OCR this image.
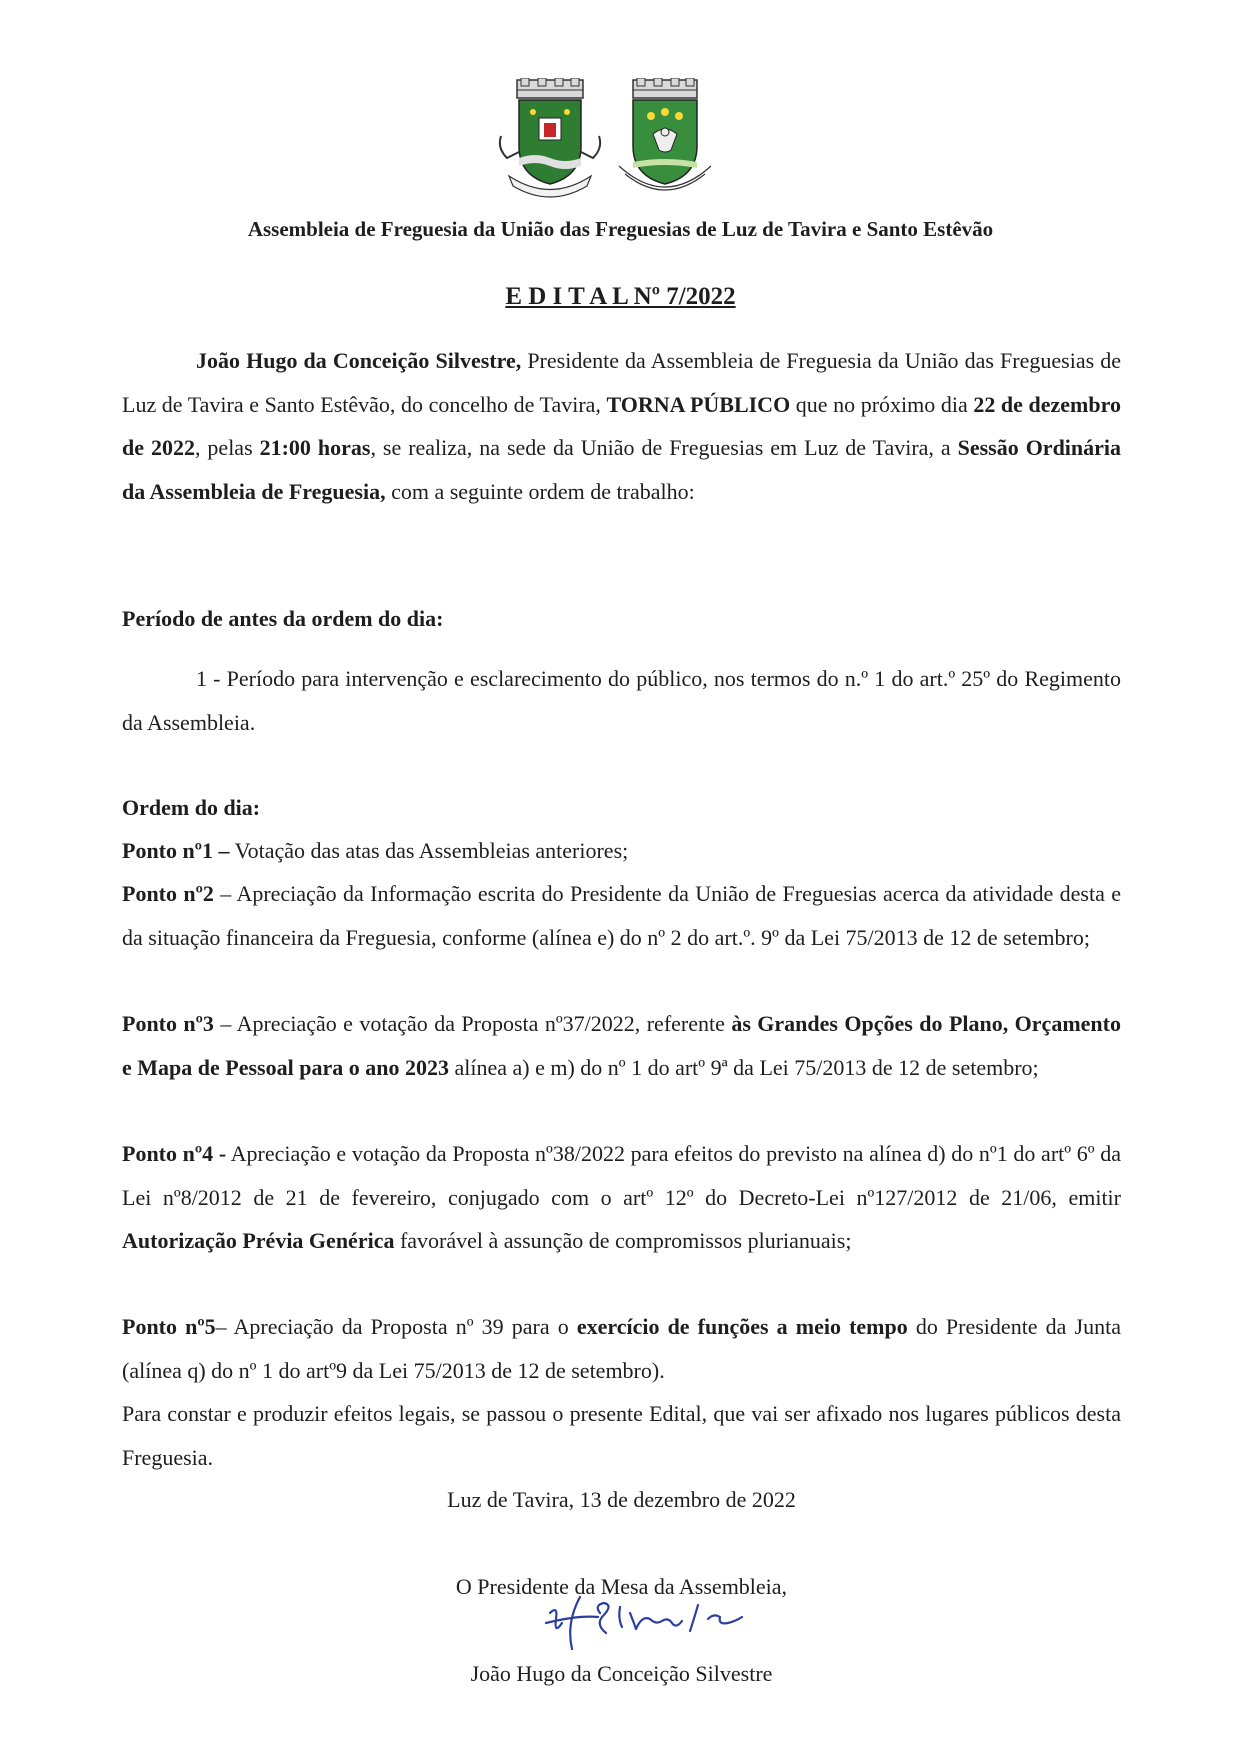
Assembleia de Freguesia da União das Freguesias de Luz de Tavira e Santo Estêvão
E D I T A L Nº 7/2022
João Hugo da Conceição Silvestre, Presidente da Assembleia de Freguesia da União das Freguesias de Luz de Tavira e Santo Estêvão, do concelho de Tavira, TORNA PÚBLICO que no próximo dia 22 de dezembro de 2022, pelas 21:00 horas, se realiza, na sede da União de Freguesias em Luz de Tavira, a Sessão Ordinária da Assembleia de Freguesia, com a seguinte ordem de trabalho:
Período de antes da ordem do dia:
1 - Período para intervenção e esclarecimento do público, nos termos do n.º 1 do art.º 25º do Regimento da Assembleia.
Ordem do dia:
Ponto nº1 – Votação das atas das Assembleias anteriores;
Ponto nº2 – Apreciação da Informação escrita do Presidente da União de Freguesias acerca da atividade desta e da situação financeira da Freguesia, conforme (alínea e) do nº 2 do art.º. 9º da Lei 75/2013 de 12 de setembro;
Ponto nº3 – Apreciação e votação da Proposta nº37/2022, referente às Grandes Opções do Plano, Orçamento e Mapa de Pessoal para o ano 2023 alínea a) e m) do nº 1 do artº 9ª da Lei 75/2013 de 12 de setembro;
Ponto nº4 - Apreciação e votação da Proposta nº38/2022 para efeitos do previsto na alínea d) do nº1 do artº 6º da Lei nº8/2012 de 21 de fevereiro, conjugado com o artº 12º do Decreto-Lei nº127/2012 de 21/06, emitir Autorização Prévia Genérica favorável à assunção de compromissos plurianuais;
Ponto nº5– Apreciação da Proposta nº 39 para o exercício de funções a meio tempo do Presidente da Junta (alínea q) do nº 1 do artº9 da Lei 75/2013 de 12 de setembro).
Para constar e produzir efeitos legais, se passou o presente Edital, que vai ser afixado nos lugares públicos desta Freguesia.
Luz de Tavira, 13 de dezembro de 2022
O Presidente da Mesa da Assembleia,
João Hugo da Conceição Silvestre
